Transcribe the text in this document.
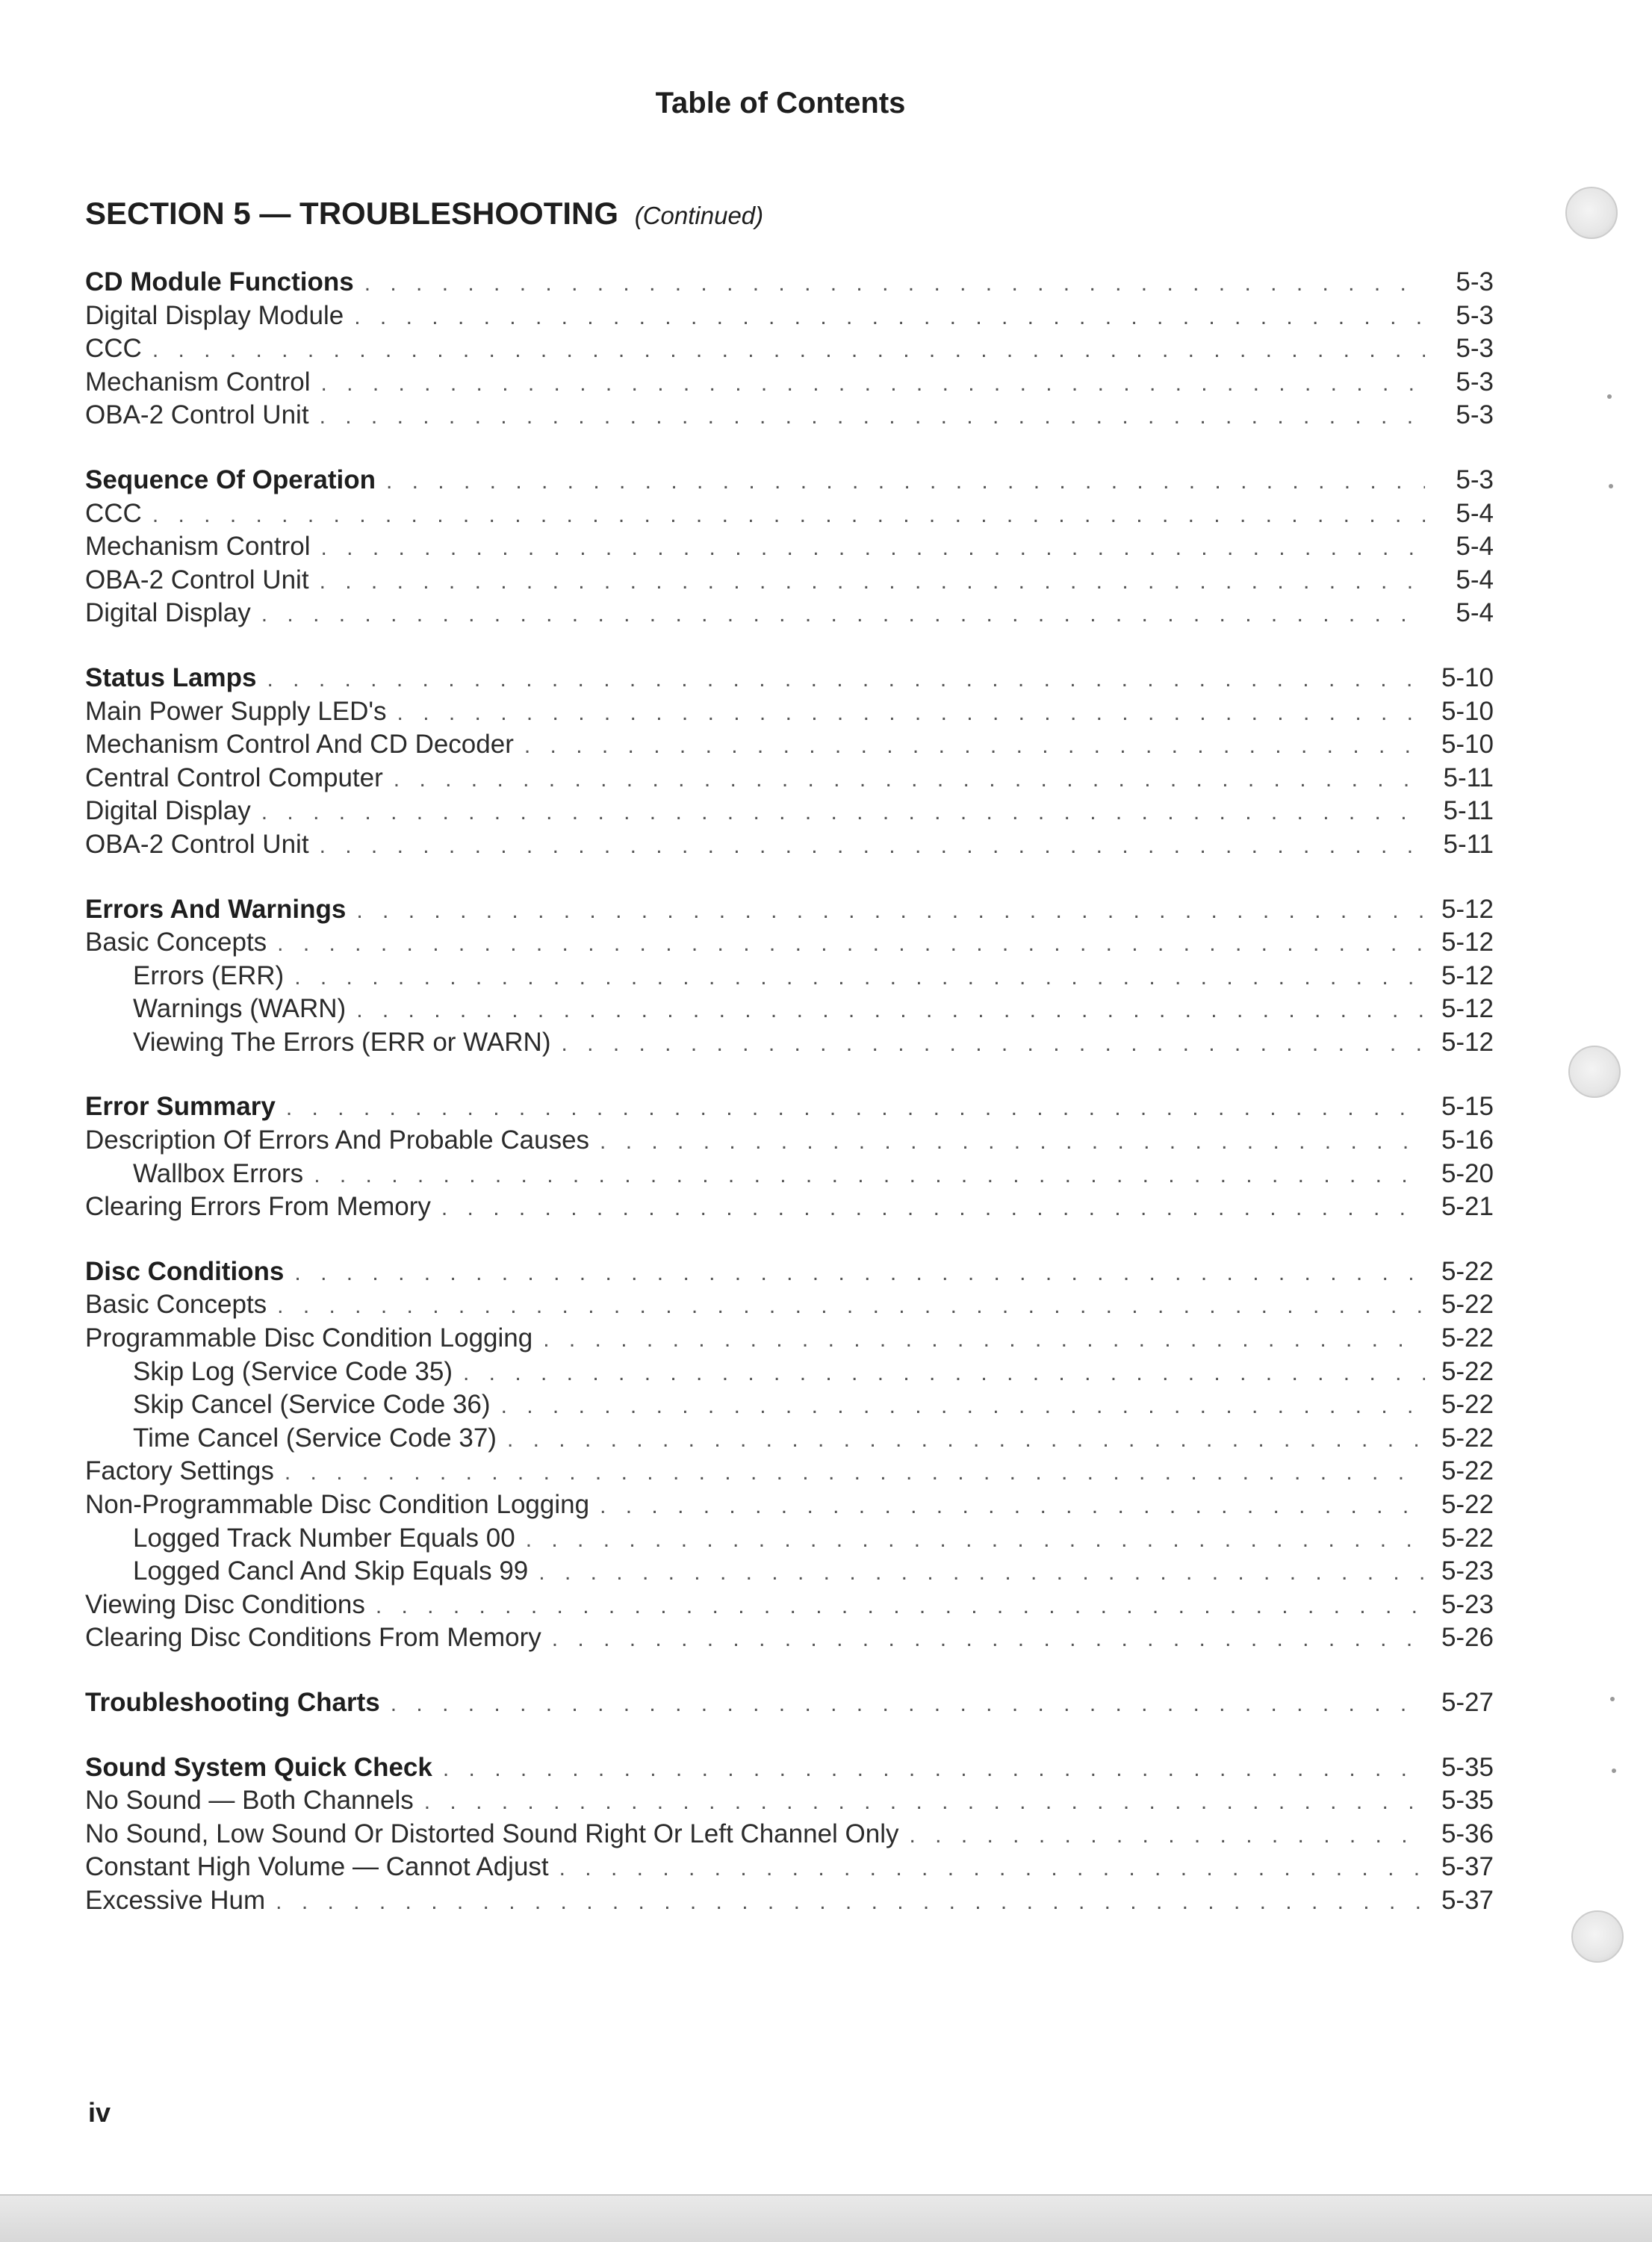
Table of Contents
SECTION 5 — TROUBLESHOOTING (Continued)
CD Module Functions . . .	5-3
Digital Display Module . . .	5-3
CCC . . .	5-3
Mechanism Control . . .	5-3
OBA-2 Control Unit . . .	5-3
Sequence Of Operation . . .	5-3
CCC . . .	5-4
Mechanism Control . . .	5-4
OBA-2 Control Unit . . .	5-4
Digital Display . . .	5-4
Status Lamps . . .	5-10
Main Power Supply LED's . . .	5-10
Mechanism Control And CD Decoder . . .	5-10
Central Control Computer . . .	5-11
Digital Display . . .	5-11
OBA-2 Control Unit . . .	5-11
Errors And Warnings . . .	5-12
Basic Concepts . . .	5-12
Errors (ERR) . . .	5-12
Warnings (WARN) . . .	5-12
Viewing The Errors (ERR or WARN) . . .	5-12
Error Summary . . .	5-15
Description Of Errors And Probable Causes . . .	5-16
Wallbox Errors . . .	5-20
Clearing Errors From Memory . . .	5-21
Disc Conditions . . .	5-22
Basic Concepts . . .	5-22
Programmable Disc Condition Logging . . .	5-22
Skip Log (Service Code 35) . . .	5-22
Skip Cancel (Service Code 36) . . .	5-22
Time Cancel (Service Code 37) . . .	5-22
Factory Settings . . .	5-22
Non-Programmable Disc Condition Logging . . .	5-22
Logged Track Number Equals 00 . . .	5-22
Logged Cancl And Skip Equals 99 . . .	5-23
Viewing Disc Conditions . . .	5-23
Clearing Disc Conditions From Memory . . .	5-26
Troubleshooting Charts . . .	5-27
Sound System Quick Check . . .	5-35
No Sound — Both Channels . . .	5-35
No Sound, Low Sound Or Distorted Sound Right Or Left Channel Only . . .	5-36
Constant High Volume — Cannot Adjust . . .	5-37
Excessive Hum . . .	5-37
iv
